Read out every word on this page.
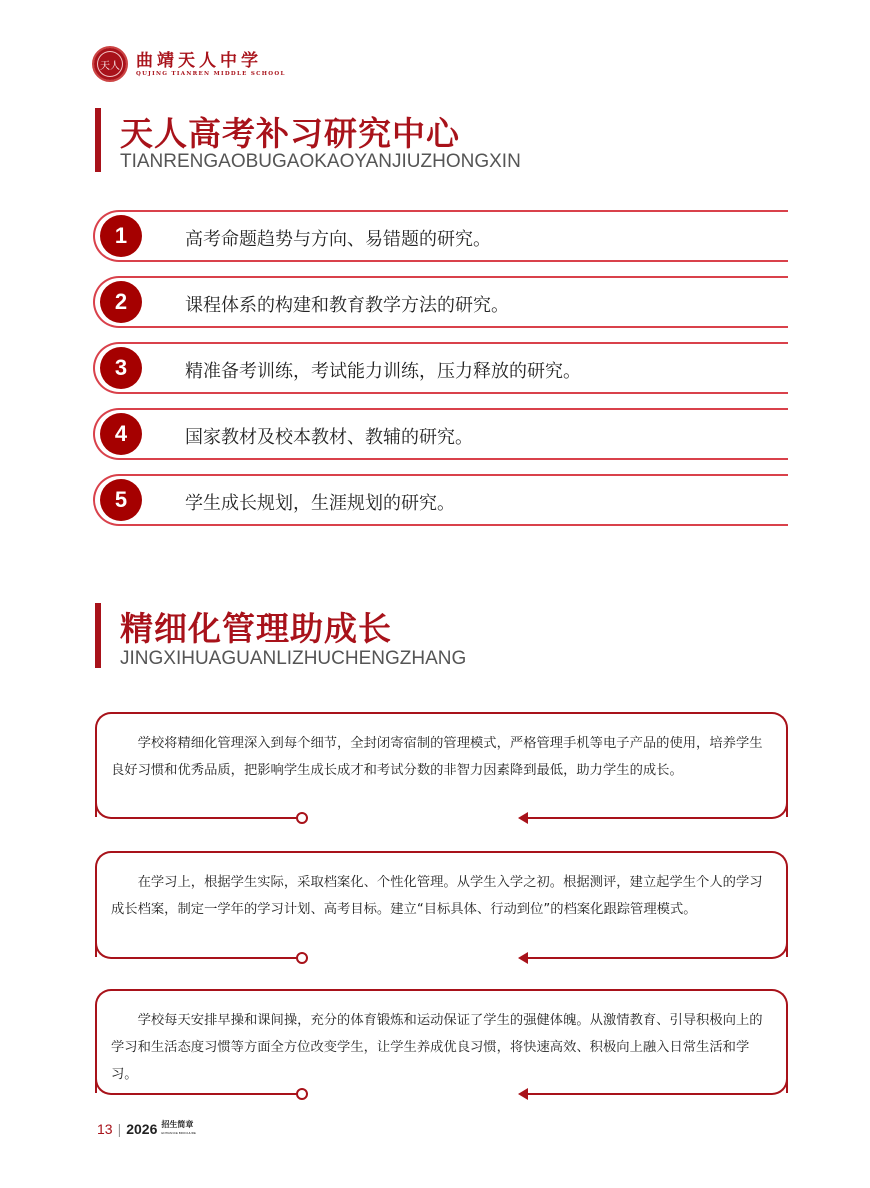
天人 曲靖天人中学
QUJING TIANREN MIDDLE SCHOOL
天人高考补习研究中心
TIANRENGAOBUGAOKAOYANJIUZHONGXIN
1	高考命题趋势与方向、易错题的研究。
2	课程体系的构建和教育教学方法的研究。
3	精准备考训练，考试能力训练，压力释放的研究。
4	国家教材及校本教材、教辅的研究。
5	学生成长规划，生涯规划的研究。
精细化管理助成长
JINGXIHUAGUANLIZHUCHENGZHANG
学校将精细化管理深入到每个细节，全封闭寄宿制的管理模式，严格管理手机等电子产品的使用，培养学生良好习惯和优秀品质，把影响学生成长成才和考试分数的非智力因素降到最低，助力学生的成长。
在学习上，根据学生实际，采取档案化、个性化管理。从学生入学之初。根据测评，建立起学生个人的学习成长档案，制定一学年的学习计划、高考目标。建立“目标具体、行动到位”的档案化跟踪管理模式。
学校每天安排早操和课间操，充分的体育锻炼和运动保证了学生的强健体魄。从激情教育、引导积极向上的学习和生活态度习惯等方面全方位改变学生，让学生养成优良习惯，将快速高效、积极向上融入日常生活和学习。
13 | 2026 招生简章
ENTRANCE BROCHURE
